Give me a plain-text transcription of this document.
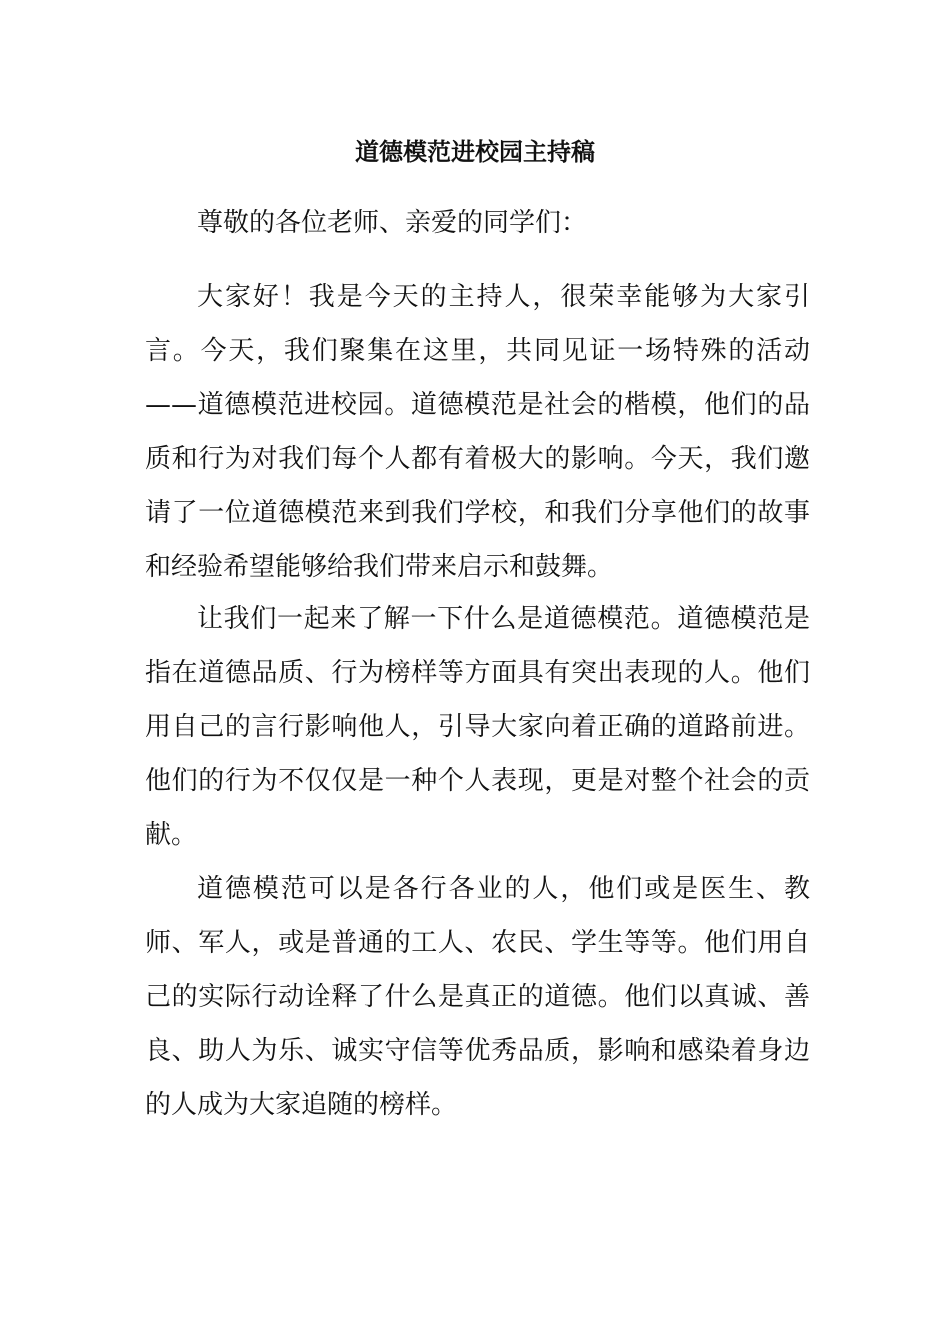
道德模范进校园主持稿

尊敬的各位老师、亲爱的同学们：

大家好！我是今天的主持人，很荣幸能够为大家引言。今天，我们聚集在这里，共同见证一场特殊的活动——道德模范进校园。道德模范是社会的楷模，他们的品质和行为对我们每个人都有着极大的影响。今天，我们邀请了一位道德模范来到我们学校，和我们分享他们的故事和经验希望能够给我们带来启示和鼓舞。

让我们一起来了解一下什么是道德模范。道德模范是指在道德品质、行为榜样等方面具有突出表现的人。他们用自己的言行影响他人，引导大家向着正确的道路前进。他们的行为不仅仅是一种个人表现，更是对整个社会的贡献。

道德模范可以是各行各业的人，他们或是医生、教师、军人，或是普通的工人、农民、学生等等。他们用自己的实际行动诠释了什么是真正的道德。他们以真诚、善良、助人为乐、诚实守信等优秀品质，影响和感染着身边的人成为大家追随的榜样。
